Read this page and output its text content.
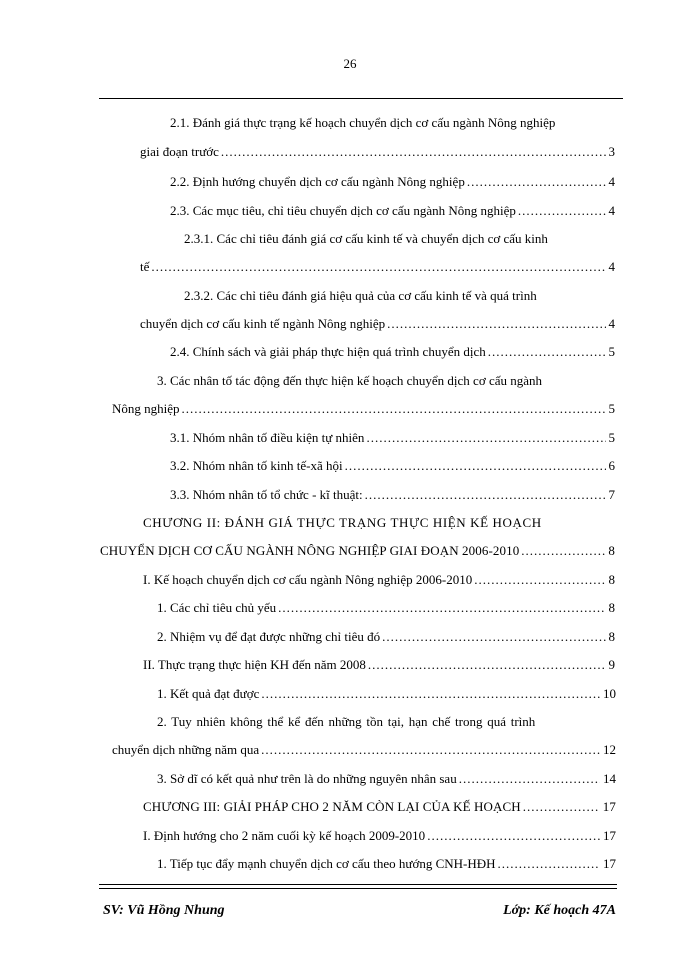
26
2.1. Đánh giá thực trạng kế hoạch chuyển dịch cơ cấu ngành Nông nghiệp
giai đoạn trước .....	3
2.2. Định hướng chuyển dịch cơ cấu ngành Nông nghiệp .....	4
2.3. Các mục tiêu, chỉ tiêu chuyển dịch cơ cấu ngành Nông nghiệp .....	4
2.3.1. Các chỉ tiêu đánh giá cơ cấu kinh tế và chuyển dịch cơ cấu kinh
tế .....	4
2.3.2. Các chỉ tiêu đánh giá hiệu quả của cơ cấu kinh tế và quá trình
chuyển dịch cơ cấu kinh tế ngành Nông nghiệp .....	4
2.4. Chính sách và giải pháp thực hiện quá trình chuyển dịch .....	5
3. Các nhân tố tác động đến thực hiện kế hoạch chuyển dịch cơ cấu ngành
Nông nghiệp .....	5
3.1. Nhóm nhân tố điều kiện tự nhiên .....	5
3.2. Nhóm nhân tố kinh tế-xã hội .....	6
3.3. Nhóm nhân tố tổ chức - kĩ thuật: .....	7
CHƯƠNG II: ĐÁNH GIÁ THỰC TRẠNG THỰC HIỆN KẾ HOẠCH
CHUYỂN DỊCH CƠ CẤU NGÀNH NÔNG NGHIỆP GIAI ĐOẠN 2006-2010 .....	8
I. Kế hoạch chuyển dịch cơ cấu ngành Nông nghiệp 2006-2010 .....	8
1. Các chỉ tiêu chủ yếu .....	8
2. Nhiệm vụ để đạt được những chỉ tiêu đó .....	8
II. Thực trạng thực hiện KH đến năm 2008 .....	9
1. Kết quả đạt được .....	10
2. Tuy nhiên không thể kể đến những tồn tại, hạn chế trong quá trình
chuyển dịch những năm qua .....	12
3. Sở dĩ có kết quả như trên là do những nguyên nhân sau .....	14
CHƯƠNG III: GIẢI PHÁP CHO 2 NĂM CÒN LẠI CỦA KẾ HOẠCH .....	17
I. Định hướng cho 2 năm cuối kỳ kế hoạch 2009-2010 .....	17
1. Tiếp tục đẩy mạnh chuyển dịch cơ cấu theo hướng CNH-HĐH .....	17
SV: Vũ Hồng Nhung	Lớp: Kế hoạch 47A
